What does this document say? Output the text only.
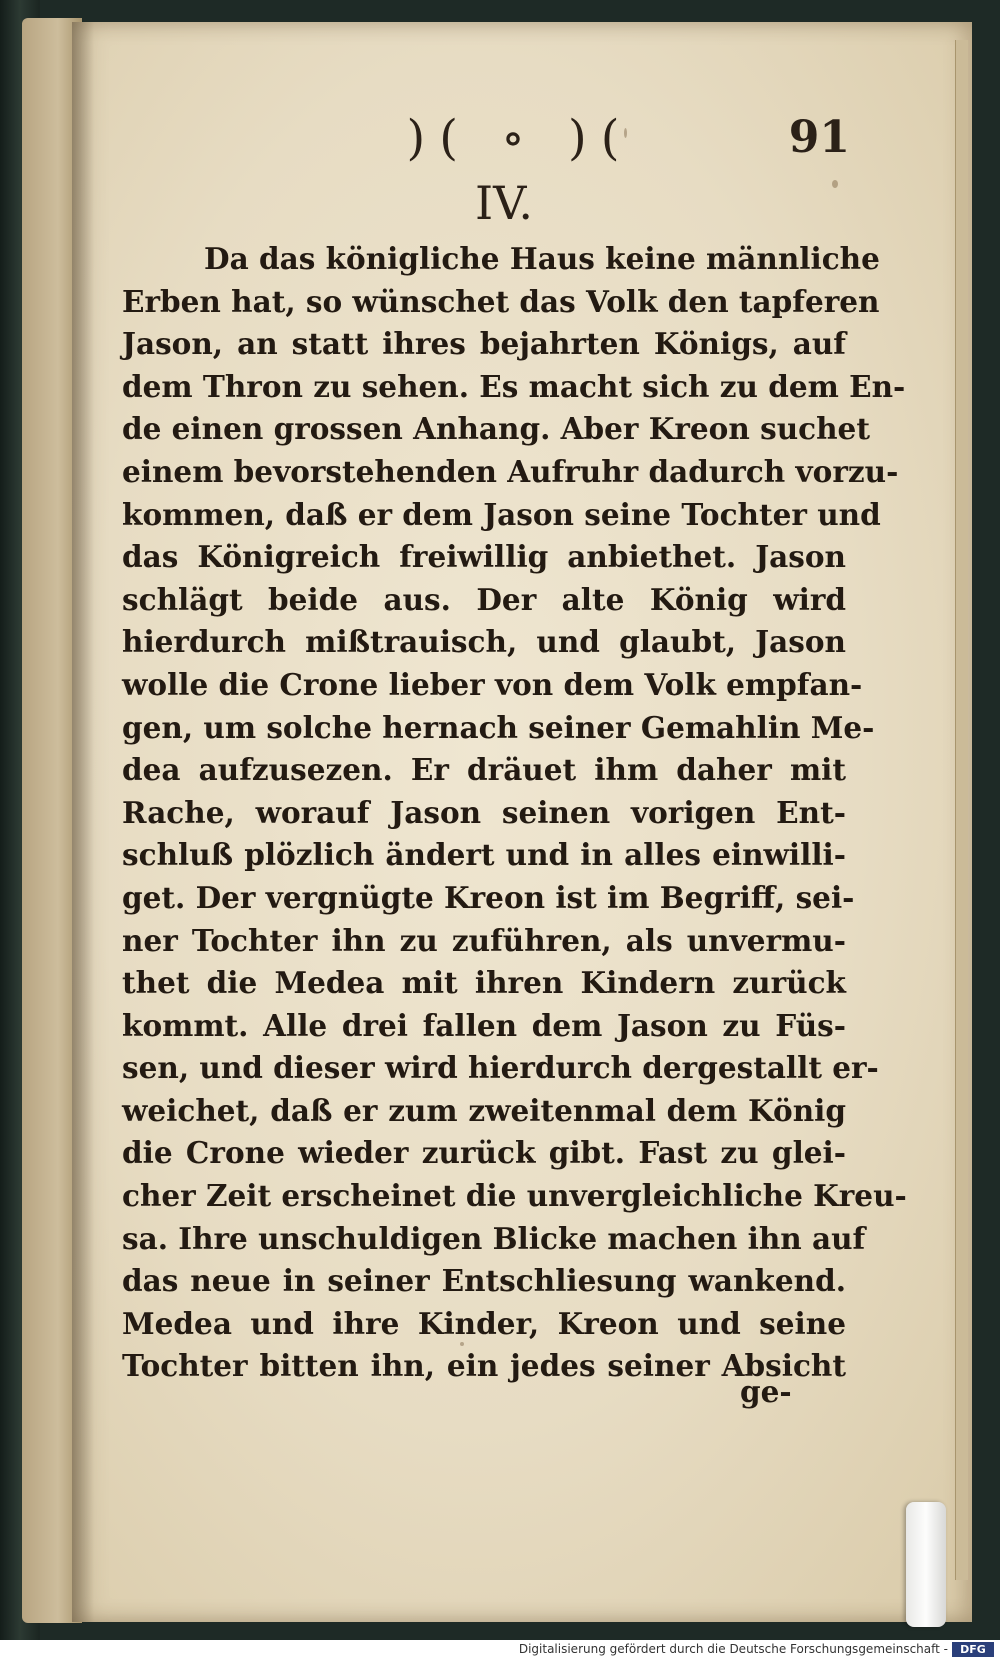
)( ∘ )(	91
IV.
Da das königliche Haus keine männliche
Erben hat, so wünschet das Volk den tapferen
Jason, an statt ihres bejahrten Königs, auf
dem Thron zu sehen. Es macht sich zu dem En-
de einen grossen Anhang. Aber Kreon suchet
einem bevorstehenden Aufruhr dadurch vorzu-
kommen, daß er dem Jason seine Tochter und
das Königreich freiwillig anbiethet. Jason
schlägt beide aus. Der alte König wird
hierdurch mißtrauisch, und glaubt, Jason
wolle die Crone lieber von dem Volk empfan-
gen, um solche hernach seiner Gemahlin Me-
dea aufzusezen. Er dräuet ihm daher mit
Rache, worauf Jason seinen vorigen Ent-
schluß plözlich ändert und in alles einwilli-
get. Der vergnügte Kreon ist im Begriff, sei-
ner Tochter ihn zu zuführen, als unvermu-
thet die Medea mit ihren Kindern zurück
kommt. Alle drei fallen dem Jason zu Füs-
sen, und dieser wird hierdurch dergestallt er-
weichet, daß er zum zweitenmal dem König
die Crone wieder zurück gibt. Fast zu glei-
cher Zeit erscheinet die unvergleichliche Kreu-
sa. Ihre unschuldigen Blicke machen ihn auf
das neue in seiner Entschliesung wankend.
Medea und ihre Kinder, Kreon und seine
Tochter bitten ihn, ein jedes seiner Absicht
ge-
Digitalisierung gefördert durch die Deutsche Forschungsgemeinschaft -	DFG
